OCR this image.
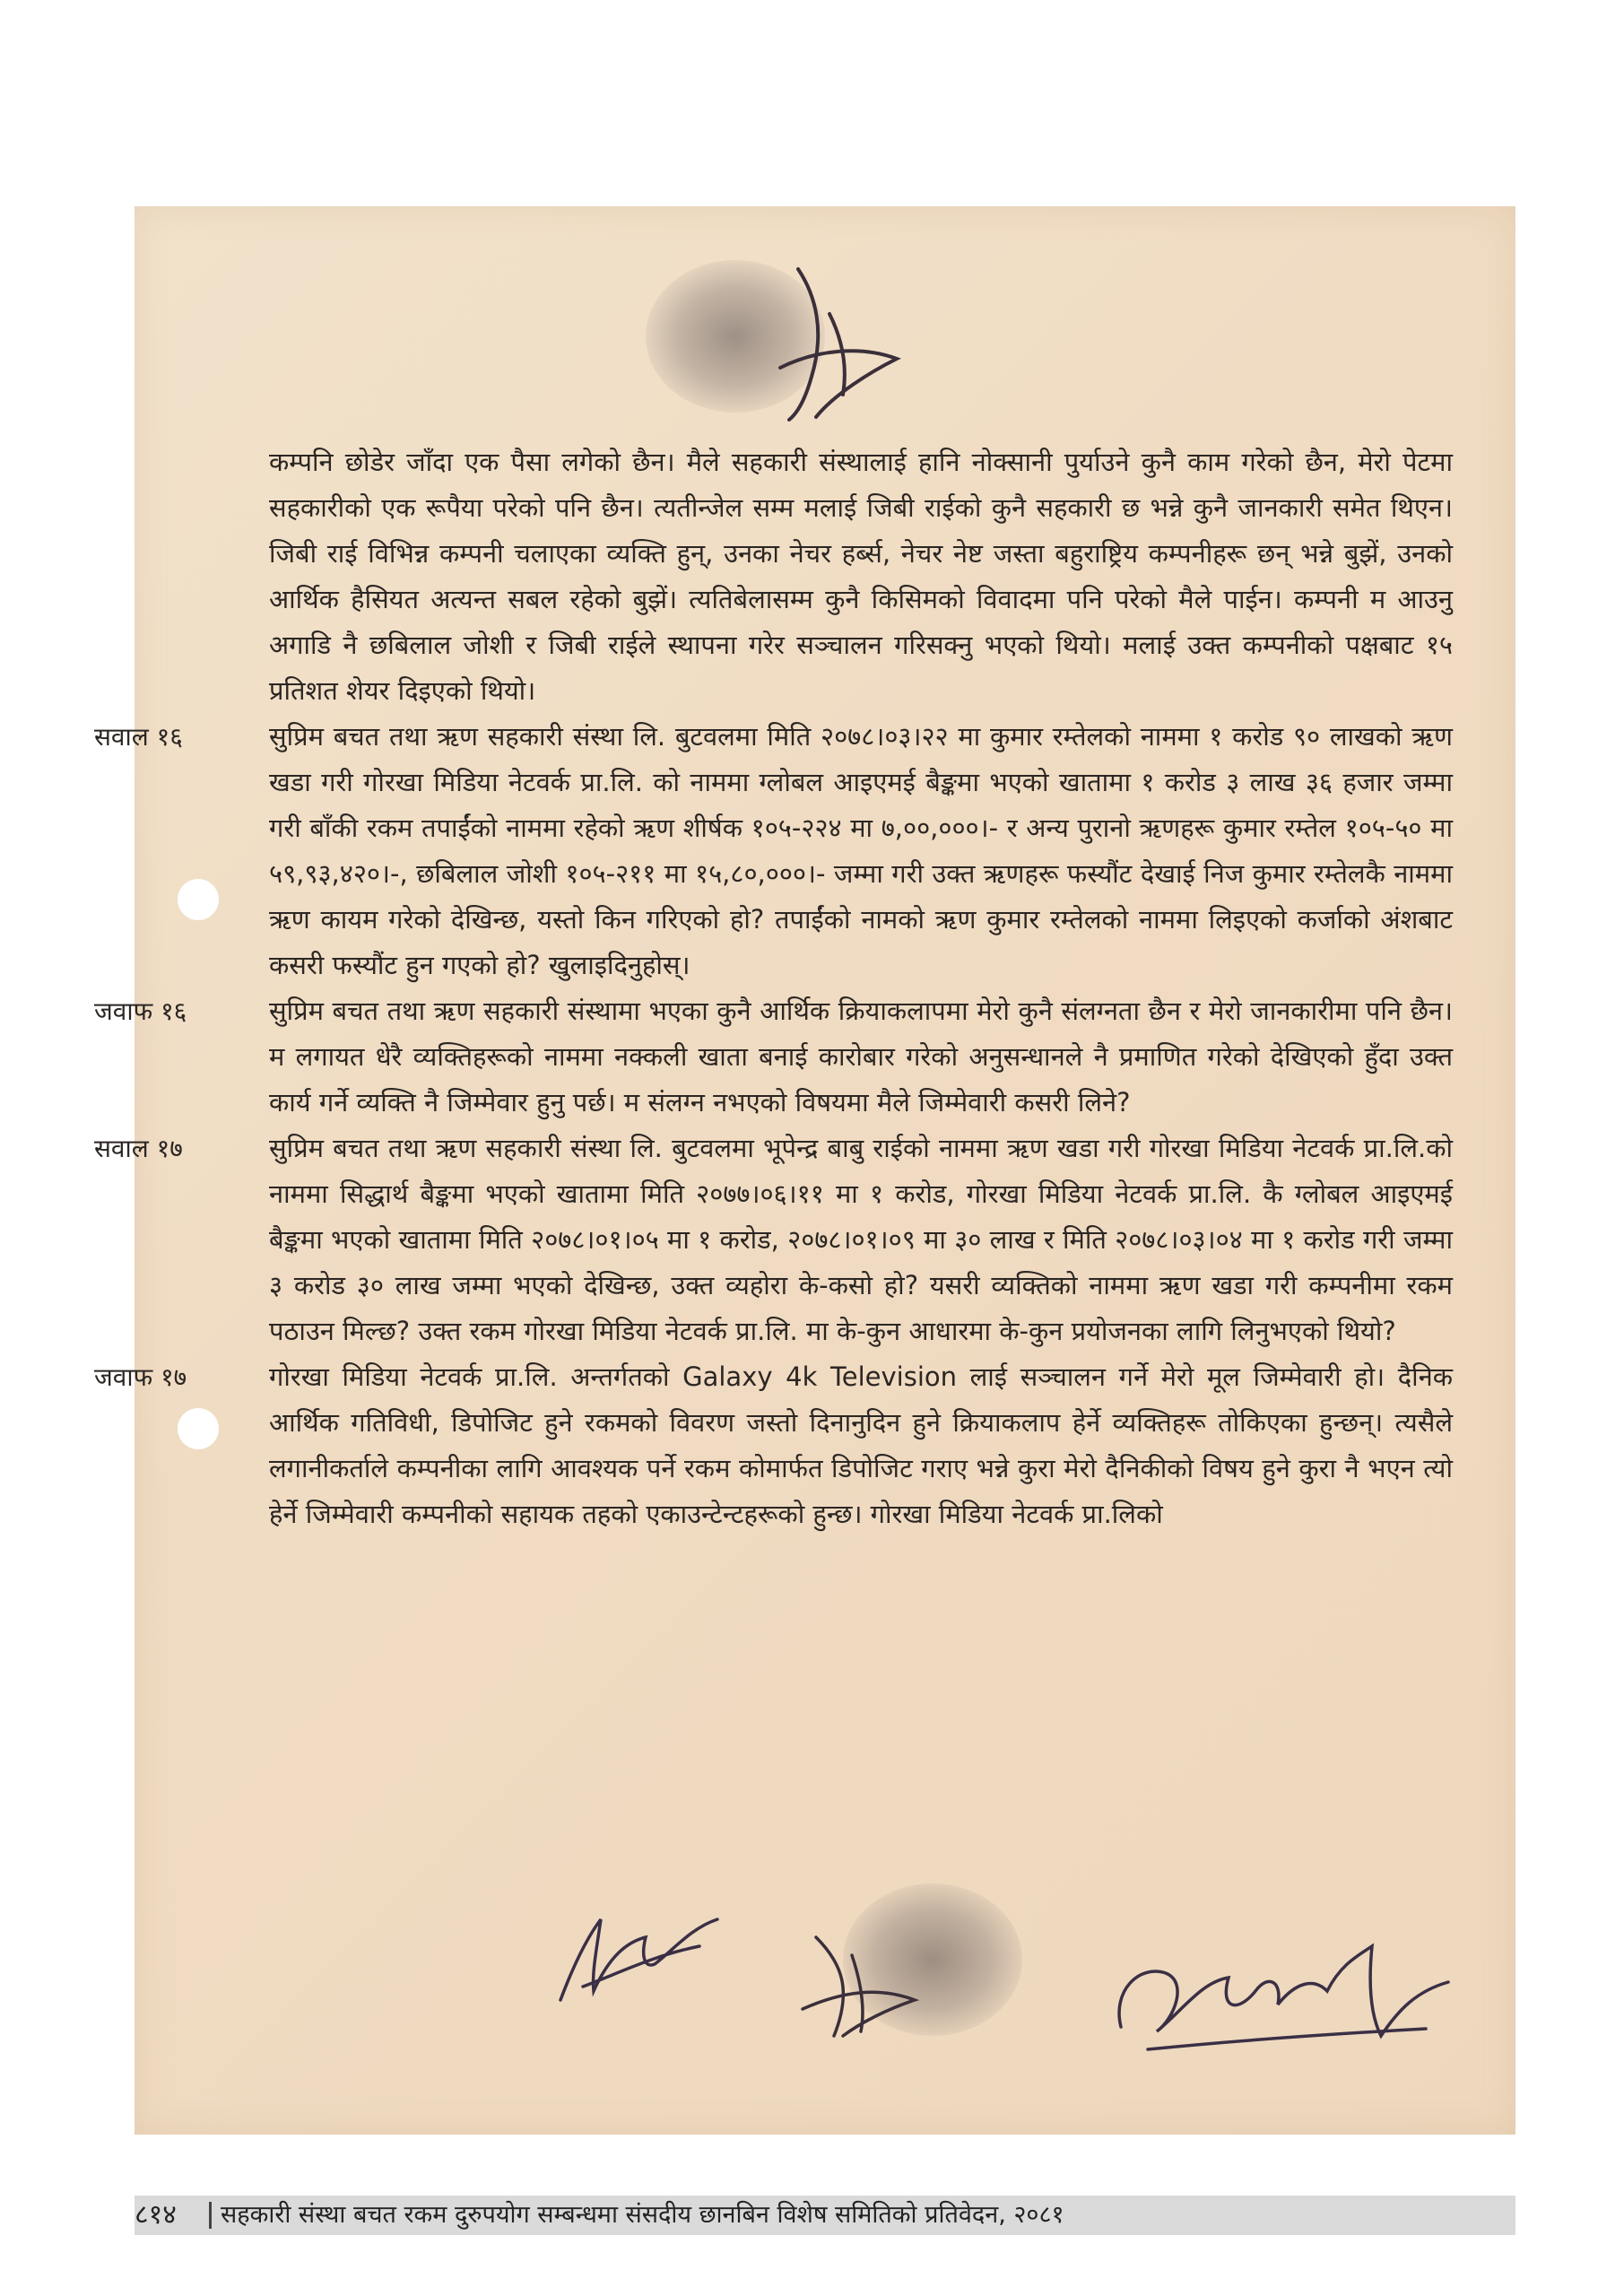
कम्पनि छोडेर जाँदा एक पैसा लगेको छैन। मैले सहकारी संस्थालाई हानि नोक्सानी पुर्याउने कुनै काम गरेको छैन, मेरो पेटमा सहकारीको एक रूपैया परेको पनि छैन। त्यतीन्जेल सम्म मलाई जिबी राईको कुनै सहकारी छ भन्ने कुनै जानकारी समेत थिएन। जिबी राई विभिन्न कम्पनी चलाएका व्यक्ति हुन्, उनका नेचर हर्ब्स, नेचर नेष्ट जस्ता बहुराष्ट्रिय कम्पनीहरू छन् भन्ने बुझें, उनको आर्थिक हैसियत अत्यन्त सबल रहेको बुझें। त्यतिबेलासम्म कुनै किसिमको विवादमा पनि परेको मैले पाईन। कम्पनी म आउनु अगाडि नै छबिलाल जोशी र जिबी राईले स्थापना गरेर सञ्चालन गरिसक्नु भएको थियो। मलाई उक्त कम्पनीको पक्षबाट १५ प्रतिशत शेयर दिइएको थियो।

सवाल १६	सुप्रिम बचत तथा ऋण सहकारी संस्था लि. बुटवलमा मिति २०७८।०३।२२ मा कुमार रम्तेलको नाममा १ करोड ९० लाखको ऋण खडा गरी गोरखा मिडिया नेटवर्क प्रा.लि. को नाममा ग्लोबल आइएमई बैङ्कमा भएको खातामा १ करोड ३ लाख ३६ हजार जम्मा गरी बाँकी रकम तपाईंको नाममा रहेको ऋण शीर्षक १०५-२२४ मा ७,००,०००।- र अन्य पुरानो ऋणहरू कुमार रम्तेल १०५-५० मा ५९,९३,४२०।-, छबिलाल जोशी १०५-२११ मा १५,८०,०००।- जम्मा गरी उक्त ऋणहरू फस्यौंट देखाई निज कुमार रम्तेलकै नाममा ऋण कायम गरेको देखिन्छ, यस्तो किन गरिएको हो? तपाईंको नामको ऋण कुमार रम्तेलको नाममा लिइएको कर्जाको अंशबाट कसरी फस्यौंट हुन गएको हो? खुलाइदिनुहोस्।
जवाफ १६	सुप्रिम बचत तथा ऋण सहकारी संस्थामा भएका कुनै आर्थिक क्रियाकलापमा मेरो कुनै संलग्नता छैन र मेरो जानकारीमा पनि छैन। म लगायत धेरै व्यक्तिहरूको नाममा नक्कली खाता बनाई कारोबार गरेको अनुसन्धानले नै प्रमाणित गरेको देखिएको हुँदा उक्त कार्य गर्ने व्यक्ति नै जिम्मेवार हुनु पर्छ। म संलग्न नभएको विषयमा मैले जिम्मेवारी कसरी लिने?
सवाल १७	सुप्रिम बचत तथा ऋण सहकारी संस्था लि. बुटवलमा भूपेन्द्र बाबु राईको नाममा ऋण खडा गरी गोरखा मिडिया नेटवर्क प्रा.लि.को नाममा सिद्धार्थ बैङ्कमा भएको खातामा मिति २०७७।०६।११ मा १ करोड, गोरखा मिडिया नेटवर्क प्रा.लि. कै ग्लोबल आइएमई बैङ्कमा भएको खातामा मिति २०७८।०१।०५ मा १ करोड, २०७८।०१।०९ मा ३० लाख र मिति २०७८।०३।०४ मा १ करोड गरी जम्मा ३ करोड ३० लाख जम्मा भएको देखिन्छ, उक्त व्यहोरा के-कसो हो? यसरी व्यक्तिको नाममा ऋण खडा गरी कम्पनीमा रकम पठाउन मिल्छ? उक्त रकम गोरखा मिडिया नेटवर्क प्रा.लि. मा के-कुन आधारमा के-कुन प्रयोजनका लागि लिनुभएको थियो?
जवाफ १७	गोरखा मिडिया नेटवर्क प्रा.लि. अन्तर्गतको Galaxy 4k Television लाई सञ्चालन गर्ने मेरो मूल जिम्मेवारी हो। दैनिक आर्थिक गतिविधी, डिपोजिट हुने रकमको विवरण जस्तो दिनानुदिन हुने क्रियाकलाप हेर्ने व्यक्तिहरू तोकिएका हुन्छन्। त्यसैले लगानीकर्ताले कम्पनीका लागि आवश्यक पर्ने रकम कोमार्फत डिपोजिट गराए भन्ने कुरा मेरो दैनिकीको विषय हुने कुरा नै भएन त्यो हेर्ने जिम्मेवारी कम्पनीको सहायक तहको एकाउन्टेन्टहरूको हुन्छ। गोरखा मिडिया नेटवर्क प्रा.लिको
८१४ सहकारी संस्था बचत रकम दुरुपयोग सम्बन्धमा संसदीय छानबिन विशेष समितिको प्रतिवेदन, २०८१
